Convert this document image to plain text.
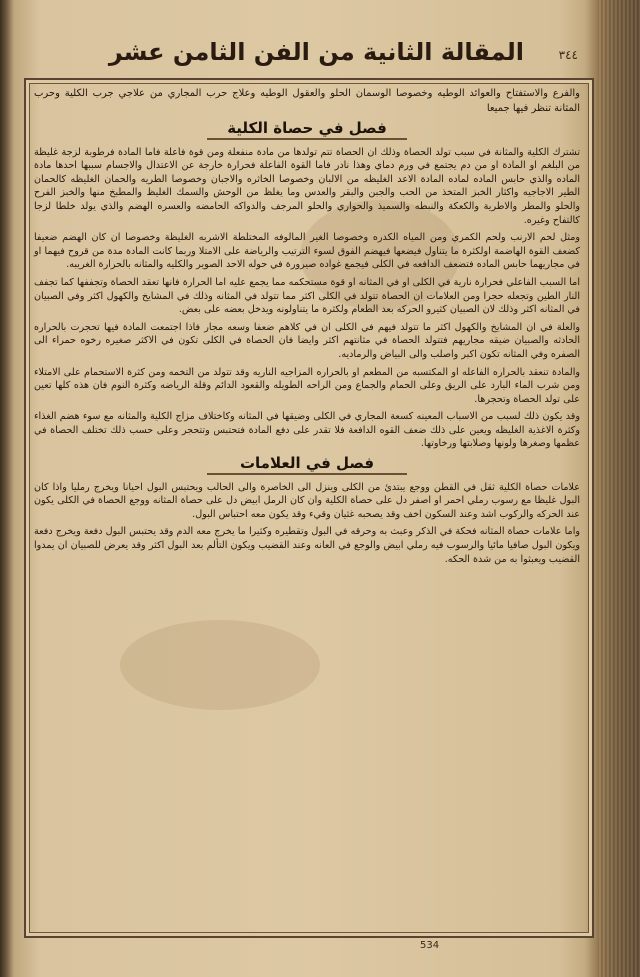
المقالة الثانية من الفن الثامن عشر	٣٤٤

والفرع والاستفتاح والعوائد الوطيه وخصوصا الوسمان الحلو والعقول الوطيه وعلاج حرب المجاري من علاجي جرب الكلية وحرب المثانة تنظر فيها جميعا

فصل في حصاة الكلية

تشترك الكلية والمثانة في سبب تولد الحصاة وذلك ان الحصاة تتم تولدها من مادة منفعلة ومن قوة فاعلة فاما المادة فرطوبة لزجة غليظة من البلغم او المادة او من دم يجتمع في ورم دماي وهذا نادر فاما القوة الفاعلة فحرارة خارجة عن الاعتدال والاجسام سببها احدها مادة الماده والذي حابس الماده لماده المادة الاعد الغليظه من الالبان وخصوصا الخاثره والاجبان وخصوصا الطريه والحمان الغليظه كالحمان الطير الاجاجيه واكثار الخبز المتخذ من الحب والجبن والبقر والعدس وما يغلظ من الوحش والسمك الغليظ والمطبخ منها والخبز الفرح والحلو والمطر والاطرية والكعكة والنبطه والسميذ والحواري والحلو المرجف والدواكه الحامضه والعسره الهضم والذي يولد خلطا لزجا كالتفاح وغيره.

ومثل لحم الارنب ولحم الكمري ومن المياه الكدره وخصوصا الغير المالوفه المختلطة الاشربه الغليظة وخصوصا ان كان الهضم ضعيفا كضعف القوة الهاضمة اولكثرة ما يتناول فيضعها فيهضم الفوق لسوء الترتيب والرياضة على الامتلا وربما كانت المادة مدة من قروح فيهما او في مجاريهما حابس الماده فتضعف الدافعه في الكلى فيجمع غواده صيرورة في حوله الاحد الصوير والكليه والمثانه بالحرارة الغريبه.

اما السبب الفاعلي فحرارة نارية في الكلى او في المثانه او قوة مستحكمه مما يجمع عليه اما الحرارة فانها تعقد الحصاة وتجففها كما تجفف النار الطين وتجعله حجرا ومن العلامات ان الحصاة تتولد في الكلى اكثر مما تتولد في المثانه وذلك في المشايخ والكهول اكثر وفي الصبيان في المثانه اكثر وذلك لان الصبيان كثيرو الحركه بعد الطعام ولكثرة ما يتناولونه ويدخل بعضه على بعض.

والعلة في ان المشايخ والكهول اكثر ما تتولد فيهم في الكلى ان في كلاهم ضعفا وسعه مجار فاذا اجتمعت المادة فيها تحجرت بالحراره الحادثه والصبيان ضيقه مجاريهم فتتولد الحصاة في مثانتهم اكثر وايضا فان الحصاة في الكلى تكون في الاكثر صغيره رخوه حمراء الى الصفره وفي المثانه تكون اكبر واصلب والى البياض والرماديه.

والمادة تنعقد بالحراره الفاعله او المكتسبه من المطعم او بالحراره المزاجيه الناريه وقد تتولد من التخمه ومن كثرة الاستحمام على الامتلاء ومن شرب الماء البارد على الريق وعلى الحمام والجماع ومن الراحه الطويله والقعود الدائم وقلة الرياضه وكثرة النوم فان هذه كلها تعين على تولد الحصاة وتحجرها.

وقد يكون ذلك لسبب من الاسباب المعينه كسعة المجاري في الكلى وضيقها في المثانه وكاختلاف مزاج الكلية والمثانه مع سوء هضم الغذاء وكثرة الاغذية الغليظه ويعين على ذلك ضعف القوه الدافعة فلا تقدر على دفع المادة فتحتبس وتتحجر وعلى حسب ذلك تختلف الحصاة في عظمها وصغرها ولونها وصلابتها ورخاوتها.

فصل في العلامات

علامات حصاة الكلية ثقل في القطن ووجع يبتدئ من الكلى وينزل الى الخاصرة والى الحالب ويحتبس البول احيانا ويخرج رمليا واذا كان البول غليظا مع رسوب رملي احمر او اصفر دل على حصاة الكلية وان كان الرمل ابيض دل على حصاة المثانه ووجع الحصاة في الكلى يكون عند الحركه والركوب اشد وعند السكون اخف وقد يصحبه غثيان وقيء وقد يكون معه احتباس البول.

واما علامات حصاة المثانه فحكة في الذكر وعبث به وحرقه في البول وتقطيره وكثيرا ما يخرج معه الدم وقد يحتبس البول دفعة ويخرج دفعة ويكون البول صافيا مائيا والرسوب فيه رملي ابيض والوجع في العانه وعند القضيب ويكون التألم بعد البول اكثر وقد يعرض للصبيان ان يمدوا القضيب ويعبثوا به من شدة الحكه.

534
